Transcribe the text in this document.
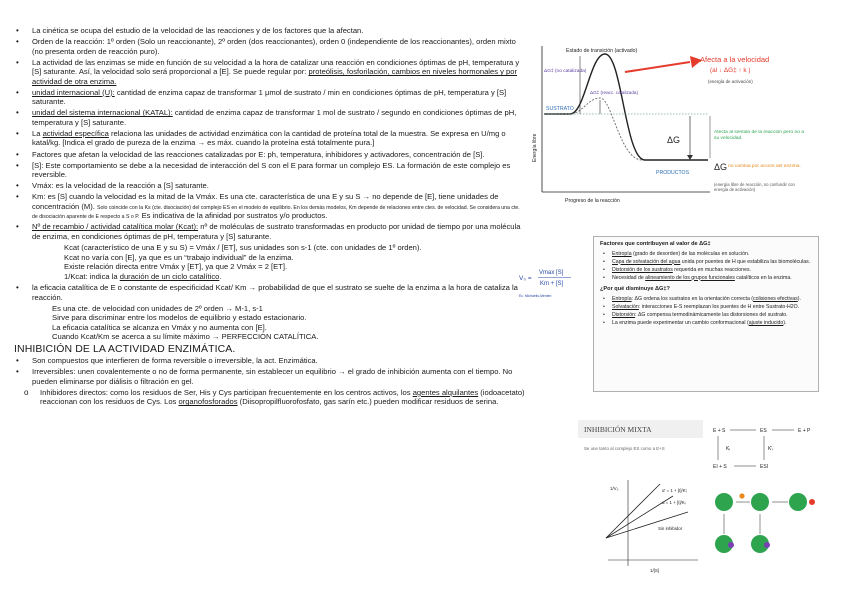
• La cinética se ocupa del estudio de la velocidad de las reacciones y de los factores que la afectan.
• Orden de la reacción: 1º orden (Solo un reaccionante), 2º orden (dos reaccionantes), orden 0 (independiente de los reaccionantes), orden mixto (no presenta orden de reacción puro).
• La actividad de las enzimas se mide en función de su velocidad a la hora de catalizar una reacción en condiciones óptimas de pH, temperatura y [S] saturante. Así, la velocidad solo será proporcional a [E]. Se puede regular por: proteólisis, fosforilación, cambios en niveles hormonales y por actividad de otra enzima.
• unidad internacional (U): cantidad de enzima capaz de transformar 1 μmol de sustrato / min en condiciones óptimas de pH, temperatura y [S] saturante.
• unidad del sistema internacional (KATAL): cantidad de enzima capaz de transformar 1 mol de sustrato / segundo en condiciones óptimas de pH, temperatura y [S] saturante.
• La actividad específica relaciona las unidades de actividad enzimática con la cantidad de proteína total de la muestra. Se expresa en U/mg o katal/kg. [Indica el grado de pureza de la enzima → es máx. cuando la proteína está totalmente pura.]
• Factores que afetan la velocidad de las reacciones catalizadas por E: ph, temperatura, inhibidores y activadores, concentración de [S].
• [S]: Este comportamiento se debe a la necesidad de interacción del S con el E para formar un complejo ES. La formación de este complejo es reversible.
• Vmáx: es la velocidad de la reacción a [S] saturante.
• Km: es [S] cuando la velocidad es la mitad de la Vmáx. Es una cte. característica de una E y su S → no depende de [E], tiene unidades de concentración (M). Solo coincide con la Ks (cte. disociación) del complejo ES en el modelo de equilibrio. En los demás modelos, Km depende de relaciones entre ctes. de velocidad. Se considera una cte. de disociación aparente de E respecto a S o P. Es indicativa de la afinidad por sustratos y/o productos.
• Nº de recambio / actividad catalítica molar (Kcat): nº de moléculas de sustrato transformadas en producto por unidad de tiempo por una molécula de enzima, en condiciones óptimas de pH, temperatura y [S] saturante.
Kcat (característico de una E y su S) = Vmáx / [ET], sus unidades son s-1 (cte. con unidades de 1º orden).
Kcat no varía con [E], ya que es un “trabajo individual” de la enzima.
Existe relación directa entre Vmáx y [ET], ya que 2 Vmáx = 2 [ET].
1/Kcat: indica la duración de un ciclo catalítico.
• la eficacia catalítica de E o constante de especificidad Kcat/ Km → probabilidad de que el sustrato se suelte de la enzima a la hora de cataliza la reacción.
Es una cte. de velocidad con unidades de 2º orden → M-1, s-1
Sirve para discriminar entre los modelos de equilibrio y estado estacionario.
La eficacia catalítica se alcanza en Vmáx y no aumenta con [E].
Cuando Kcat/Km se acerca a su límite máximo → PERFECCIÓN CATALÍTICA.
INHIBICIÓN DE LA ACTIVIDAD ENZIMÁTICA.
• Son compuestos que interfieren de forma reversible o irreversible, la act. Enzimática.
• Irreversibles: unen covalentemente o no de forma permanente, sin establecer un equilibrio → el grado de inhibición aumenta con el tiempo. No pueden eliminarse por diálisis o filtración en gel.
o Inhibidores directos: como los residuos de Ser, His y Cys participan frecuentemente en los centros activos, los agentes alquilantes (iodoacetato) reaccionan con los residuos de Cys. Los organofosforados (Diisopropilfluorofosfato, gas sarín etc.) pueden modificar residuos de serina.
Energía libre
Progreso de la reacción
Estado de transición (activado)
ΔG‡ (no catalizada)
ΔG‡ (reacc. catalizada)
SUSTRATO
PRODUCTOS
ΔG
Afecta a la velocidad
(al ↓ ΔG‡ ↑ k )
(energía de activación)
Afecta al sentido de la reacción pero no a su velocidad.
ΔG no cambia por acción del enzima.
(energía libre de reacción, no confundir con energía de activación)
V₀ =
Vmax [S]
Km + [S]
Ec. Michaelis-Menten
Factores que contribuyen al valor de ΔG‡
• Entropía (grado de desorden) de las moléculas en solución.
• Capa de solvatación del agua unida por puentes de H que estabiliza las biomoléculas.
• Distorsión de los sustratos requerida en muchas reacciones.
• Necesidad de alineamiento de los grupos funcionales catalíticos en la enzima.
¿Por qué disminuye ΔG‡?
• Entropía: ΔG ordena los sustratos en la orientación correcta (colisiones efectivas).
• Solvatación: interacciones E-S reemplazan los puentes de H entre Sustrato-H2O.
• Distorsión: ΔG compensa termodinámicamente las distorsiones del sustrato.
• La enzima puede experimentar un cambio conformacional (ajuste inducido).
INHIBICIÓN MIXTA
Se une tanto al complejo ES como a E+S
α' = 1 + [I]/K'ᵢ
α = 1 + [I]/Kᵢ
Sin inhibidor
1/[S]
1/V₀
E + S	ES	E + P
EI + S	ESI
Kᵢ	K'ᵢ
